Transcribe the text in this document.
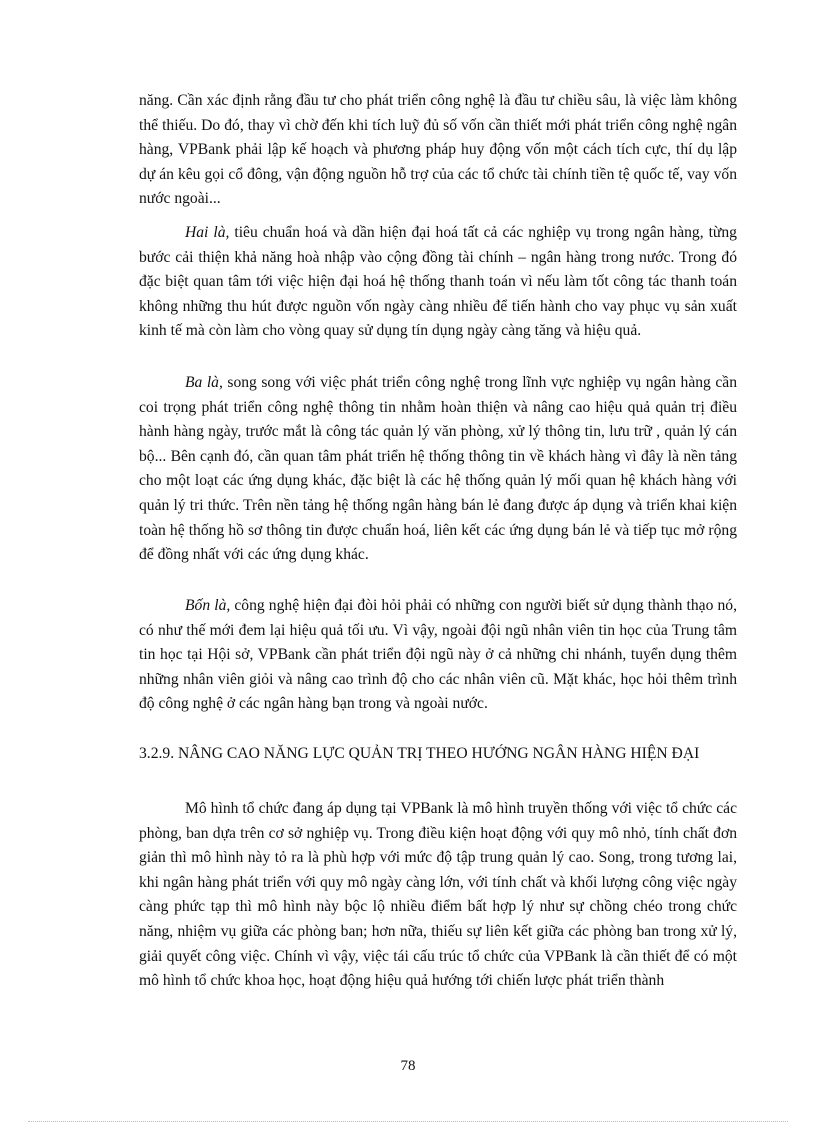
năng. Cần xác định rằng đầu tư cho phát triển công nghệ là đầu tư chiều sâu, là việc làm không thể thiếu. Do đó, thay vì chờ đến khi tích luỹ đủ số vốn cần thiết mới phát triển công nghệ ngân hàng, VPBank phải lập kế hoạch và phương pháp huy động vốn một cách tích cực, thí dụ lập dự án kêu gọi cổ đông, vận động nguồn hỗ trợ của các tổ chức tài chính tiền tệ quốc tế, vay vốn nước ngoài...

Hai là, tiêu chuẩn hoá và dần hiện đại hoá tất cả các nghiệp vụ trong ngân hàng, từng bước cải thiện khả năng hoà nhập vào cộng đồng tài chính – ngân hàng trong nước. Trong đó đặc biệt quan tâm tới việc hiện đại hoá hệ thống thanh toán vì nếu làm tốt công tác thanh toán không những thu hút được nguồn vốn ngày càng nhiều để tiến hành cho vay phục vụ sản xuất kinh tế mà còn làm cho vòng quay sử dụng tín dụng ngày càng tăng và hiệu quả.

Ba là, song song với việc phát triển công nghệ trong lĩnh vực nghiệp vụ ngân hàng cần coi trọng phát triển công nghệ thông tin nhằm hoàn thiện và nâng cao hiệu quả quản trị điều hành hàng ngày, trước mắt là công tác quản lý văn phòng, xử lý thông tin, lưu trữ , quản lý cán bộ... Bên cạnh đó, cần quan tâm phát triển hệ thống thông tin về khách hàng vì đây là nền tảng cho một loạt các ứng dụng khác, đặc biệt là các hệ thống quản lý mối quan hệ khách hàng với quản lý tri thức. Trên nền tảng hệ thống ngân hàng bán lẻ đang được áp dụng và triển khai kiện toàn hệ thống hồ sơ thông tin được chuẩn hoá, liên kết các ứng dụng bán lẻ và tiếp tục mở rộng để đồng nhất với các ứng dụng khác.

Bốn là, công nghệ hiện đại đòi hỏi phải có những con người biết sử dụng thành thạo nó, có như thế mới đem lại hiệu quả tối ưu. Vì vậy, ngoài đội ngũ nhân viên tin học của Trung tâm tin học tại Hội sở, VPBank cần phát triển đội ngũ này ở cả những chi nhánh, tuyển dụng thêm những nhân viên giỏi và nâng cao trình độ cho các nhân viên cũ. Mặt khác, học hỏi thêm trình độ công nghệ ở các ngân hàng bạn trong và ngoài nước.

3.2.9. NÂNG CAO NĂNG LỰC QUẢN TRỊ THEO HƯỚNG NGÂN HÀNG HIỆN ĐẠI

Mô hình tổ chức đang áp dụng tại VPBank là mô hình truyền thống với việc tổ chức các phòng, ban dựa trên cơ sở nghiệp vụ. Trong điều kiện hoạt động với quy mô nhỏ, tính chất đơn giản thì mô hình này tỏ ra là phù hợp với mức độ tập trung quản lý cao. Song, trong tương lai, khi ngân hàng phát triển với quy mô ngày càng lớn, với tính chất và khối lượng công việc ngày càng phức tạp thì mô hình này bộc lộ nhiều điểm bất hợp lý như sự chồng chéo trong chức năng, nhiệm vụ giữa các phòng ban; hơn nữa, thiếu sự liên kết giữa các phòng ban trong xử lý, giải quyết công việc. Chính vì vậy, việc tái cấu trúc tổ chức của VPBank là cần thiết để có một mô hình tổ chức khoa học, hoạt động hiệu quả hướng tới chiến lược phát triển thành

78
